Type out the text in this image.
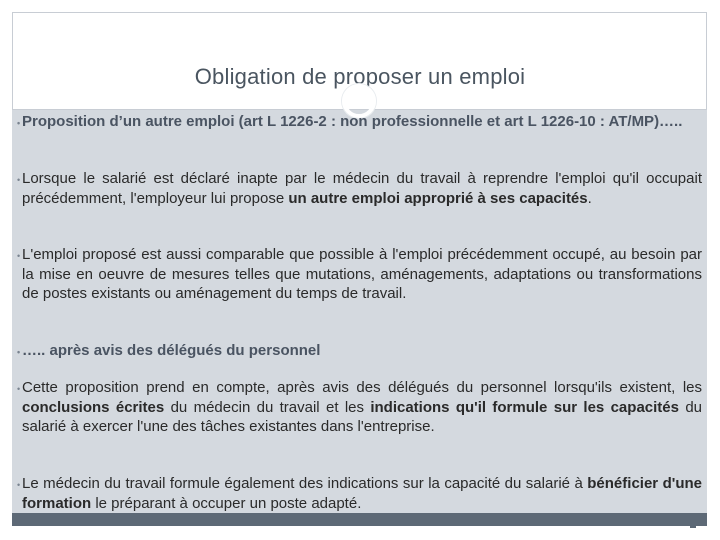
Obligation de proposer un emploi
• Proposition d’un autre emploi (art L 1226-2 : non professionnelle et art L 1226-10 : AT/MP)…..
• Lorsque le salarié est déclaré inapte par le médecin du travail à reprendre l'emploi qu'il occupait précédemment, l'employeur lui propose un autre emploi approprié à ses capacités.
• L'emploi proposé est aussi comparable que possible à l'emploi précédemment occupé, au besoin par la mise en oeuvre de mesures telles que mutations, aménagements, adaptations ou transformations de postes existants ou aménagement du temps de travail.
• ….. après avis des délégués du personnel
• Cette proposition prend en compte, après avis des délégués du personnel lorsqu'ils existent, les conclusions écrites du médecin du travail et les indications qu'il formule sur les capacités du salarié à exercer l'une des tâches existantes dans l'entreprise.
• Le médecin du travail formule également des indications sur la capacité du salarié à bénéficier d'une formation le préparant à occuper un poste adapté.
